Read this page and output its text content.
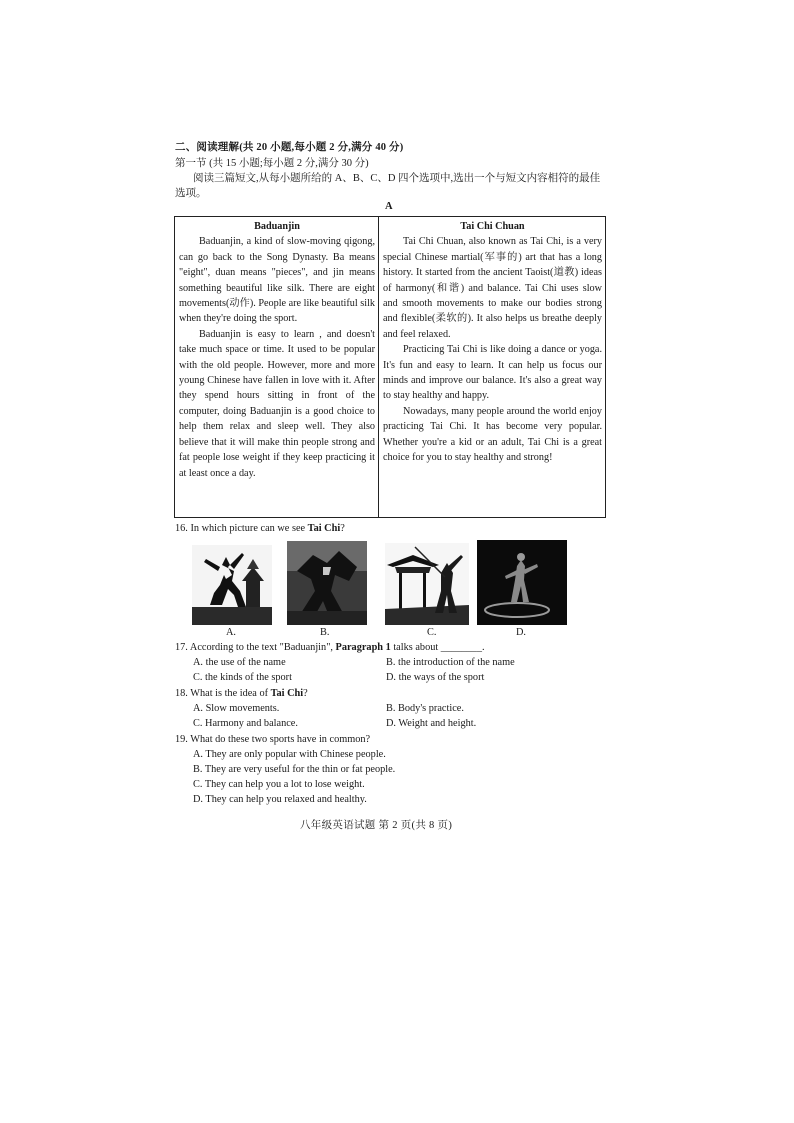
二、阅读理解(共 20 小题,每小题 2 分,满分 40 分)
第一节 (共 15 小题;每小题 2 分,满分 30 分)
阅读三篇短文,从每小题所给的 A、B、C、D 四个选项中,选出一个与短文内容相符的最佳选项。
A
Baduanjin

Baduanjin, a kind of slow-moving qigong, can go back to the Song Dynasty. Ba means "eight", duan means "pieces", and jin means something beautiful like silk. There are eight movements(动作). People are like beautiful silk when they're doing the sport.

Baduanjin is easy to learn , and doesn't take much space or time. It used to be popular with the old people. However, more and more young Chinese have fallen in love with it. After they spend hours sitting in front of the computer, doing Baduanjin is a good choice to help them relax and sleep well. They also believe that it will make thin people strong and fat people lose weight if they keep practicing it at least once a day.

Tai Chi Chuan

Tai Chi Chuan, also known as Tai Chi, is a very special Chinese martial(军事的) art that has a long history. It started from the ancient Taoist(道教) ideas of harmony(和谐) and balance. Tai Chi uses slow and smooth movements to make our bodies strong and flexible(柔软的). It also helps us breathe deeply and feel relaxed.

Practicing Tai Chi is like doing a dance or yoga. It's fun and easy to learn. It can help us focus our minds and improve our balance. It's also a great way to stay healthy and happy.

Nowadays, many people around the world enjoy practicing Tai Chi. It has become very popular. Whether you're a kid or an adult, Tai Chi is a great choice for you to stay healthy and strong!

16. In which picture can we see Tai Chi?
A.	B.	C.	D.
17. According to the text "Baduanjin", Paragraph 1 talks about ________.
A. the use of the name	B. the introduction of the name
C. the kinds of the sport	D. the ways of the sport
18. What is the idea of Tai Chi?
A. Slow movements.	B. Body's practice.
C. Harmony and balance.	D. Weight and height.
19. What do these two sports have in common?
A. They are only popular with Chinese people.
B. They are very useful for the thin or fat people.
C. They can help you a lot to lose weight.
D. They can help you relaxed and healthy.
八年级英语试题 第 2 页(共 8 页)
